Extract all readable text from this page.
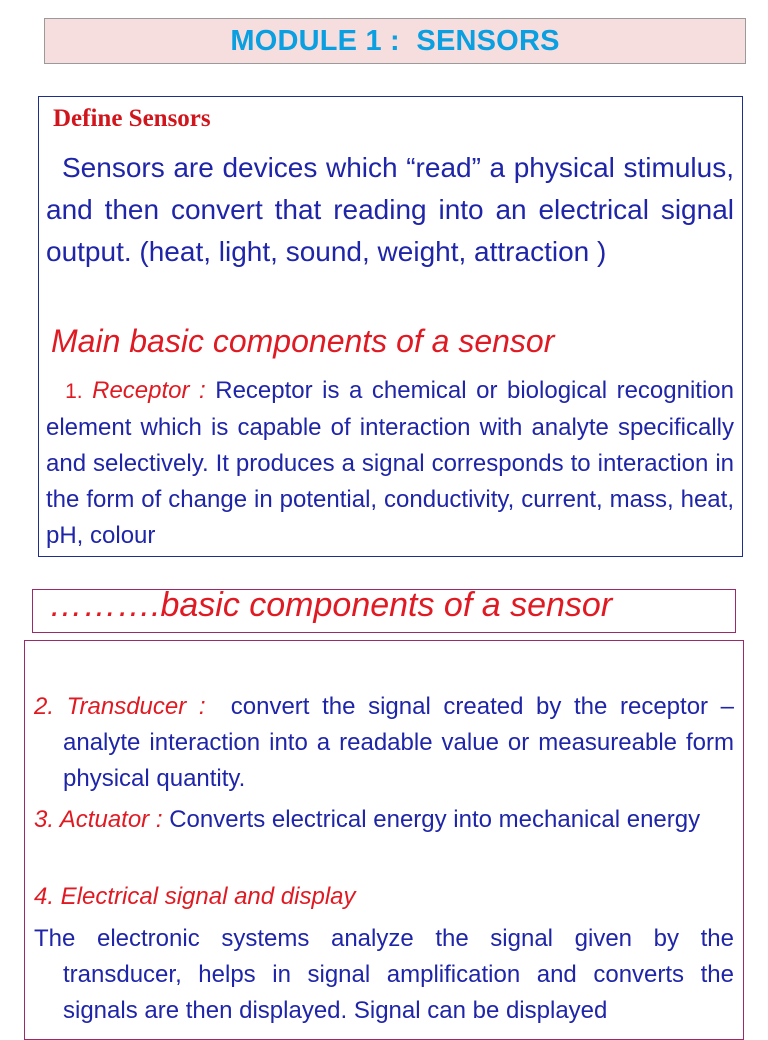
MODULE 1 :  SENSORS
Define Sensors
Sensors are devices which “read” a physical stimulus, and then convert that reading into an electrical signal output. (heat, light, sound, weight, attraction )
Main basic components of a sensor
1. Receptor : Receptor is a chemical or biological recognition element which is capable of interaction with analyte specifically and selectively. It produces a signal corresponds to interaction in the form of change in potential, conductivity, current, mass, heat, pH, colour
……….basic components of a sensor
2. Transducer : convert the signal created by the receptor – analyte interaction into a readable value or measureable form physical quantity.
3. Actuator : Converts electrical energy into mechanical energy
4. Electrical signal and display
The electronic systems analyze the signal given by the transducer, helps in signal amplification and converts the signals are then displayed. Signal can be displayed
